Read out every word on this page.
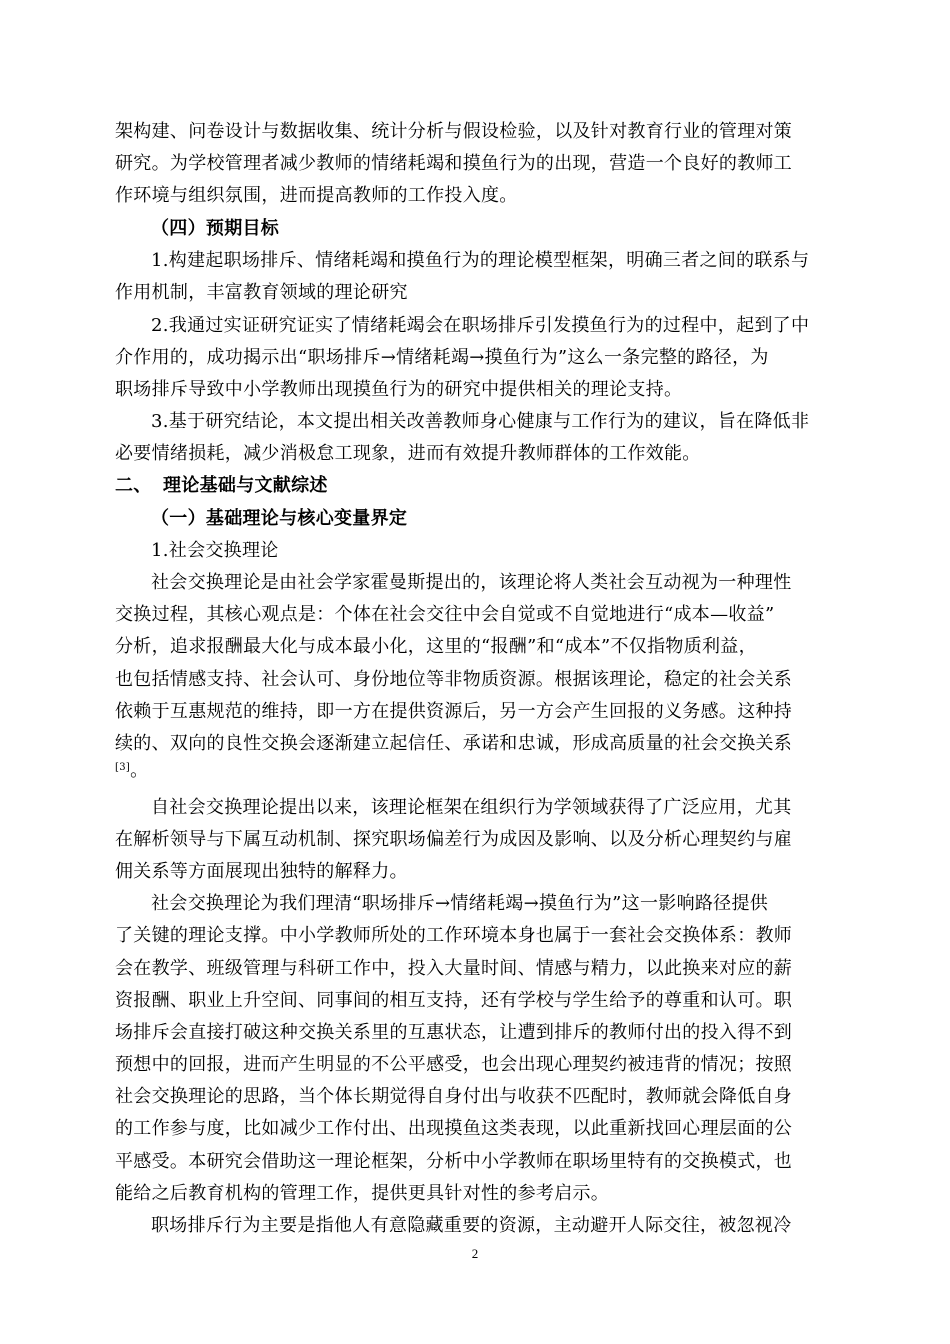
架构建、问卷设计与数据收集、统计分析与假设检验，以及针对教育行业的管理对策
研究。为学校管理者减少教师的情绪耗竭和摸鱼行为的出现，营造一个良好的教师工
作环境与组织氛围，进而提高教师的工作投入度。
（四）预期目标
1.构建起职场排斥、情绪耗竭和摸鱼行为的理论模型框架，明确三者之间的联系与
作用机制，丰富教育领域的理论研究
2.我通过实证研究证实了情绪耗竭会在职场排斥引发摸鱼行为的过程中，起到了中
介作用的，成功揭示出“职场排斥→情绪耗竭→摸鱼行为”这么一条完整的路径，为
职场排斥导致中小学教师出现摸鱼行为的研究中提供相关的理论支持。
3.基于研究结论，本文提出相关改善教师身心健康与工作行为的建议，旨在降低非
必要情绪损耗，减少消极怠工现象，进而有效提升教师群体的工作效能。
二、 理论基础与文献综述
（一）基础理论与核心变量界定
1.社会交换理论
社会交换理论是由社会学家霍曼斯提出的，该理论将人类社会互动视为一种理性
交换过程，其核心观点是：个体在社会交往中会自觉或不自觉地进行“成本—收益”
分析，追求报酬最大化与成本最小化，这里的“报酬”和“成本”不仅指物质利益，
也包括情感支持、社会认可、身份地位等非物质资源。根据该理论，稳定的社会关系
依赖于互惠规范的维持，即一方在提供资源后，另一方会产生回报的义务感。这种持
续的、双向的良性交换会逐渐建立起信任、承诺和忠诚，形成高质量的社会交换关系
[3]。
自社会交换理论提出以来，该理论框架在组织行为学领域获得了广泛应用，尤其
在解析领导与下属互动机制、探究职场偏差行为成因及影响、以及分析心理契约与雇
佣关系等方面展现出独特的解释力。
社会交换理论为我们理清“职场排斥→情绪耗竭→摸鱼行为”这一影响路径提供
了关键的理论支撑。中小学教师所处的工作环境本身也属于一套社会交换体系：教师
会在教学、班级管理与科研工作中，投入大量时间、情感与精力，以此换来对应的薪
资报酬、职业上升空间、同事间的相互支持，还有学校与学生给予的尊重和认可。职
场排斥会直接打破这种交换关系里的互惠状态，让遭到排斥的教师付出的投入得不到
预想中的回报，进而产生明显的不公平感受，也会出现心理契约被违背的情况；按照
社会交换理论的思路，当个体长期觉得自身付出与收获不匹配时，教师就会降低自身
的工作参与度，比如减少工作付出、出现摸鱼这类表现，以此重新找回心理层面的公
平感受。本研究会借助这一理论框架，分析中小学教师在职场里特有的交换模式，也
能给之后教育机构的管理工作，提供更具针对性的参考启示。
职场排斥行为主要是指他人有意隐藏重要的资源，主动避开人际交往，被忽视冷
2
